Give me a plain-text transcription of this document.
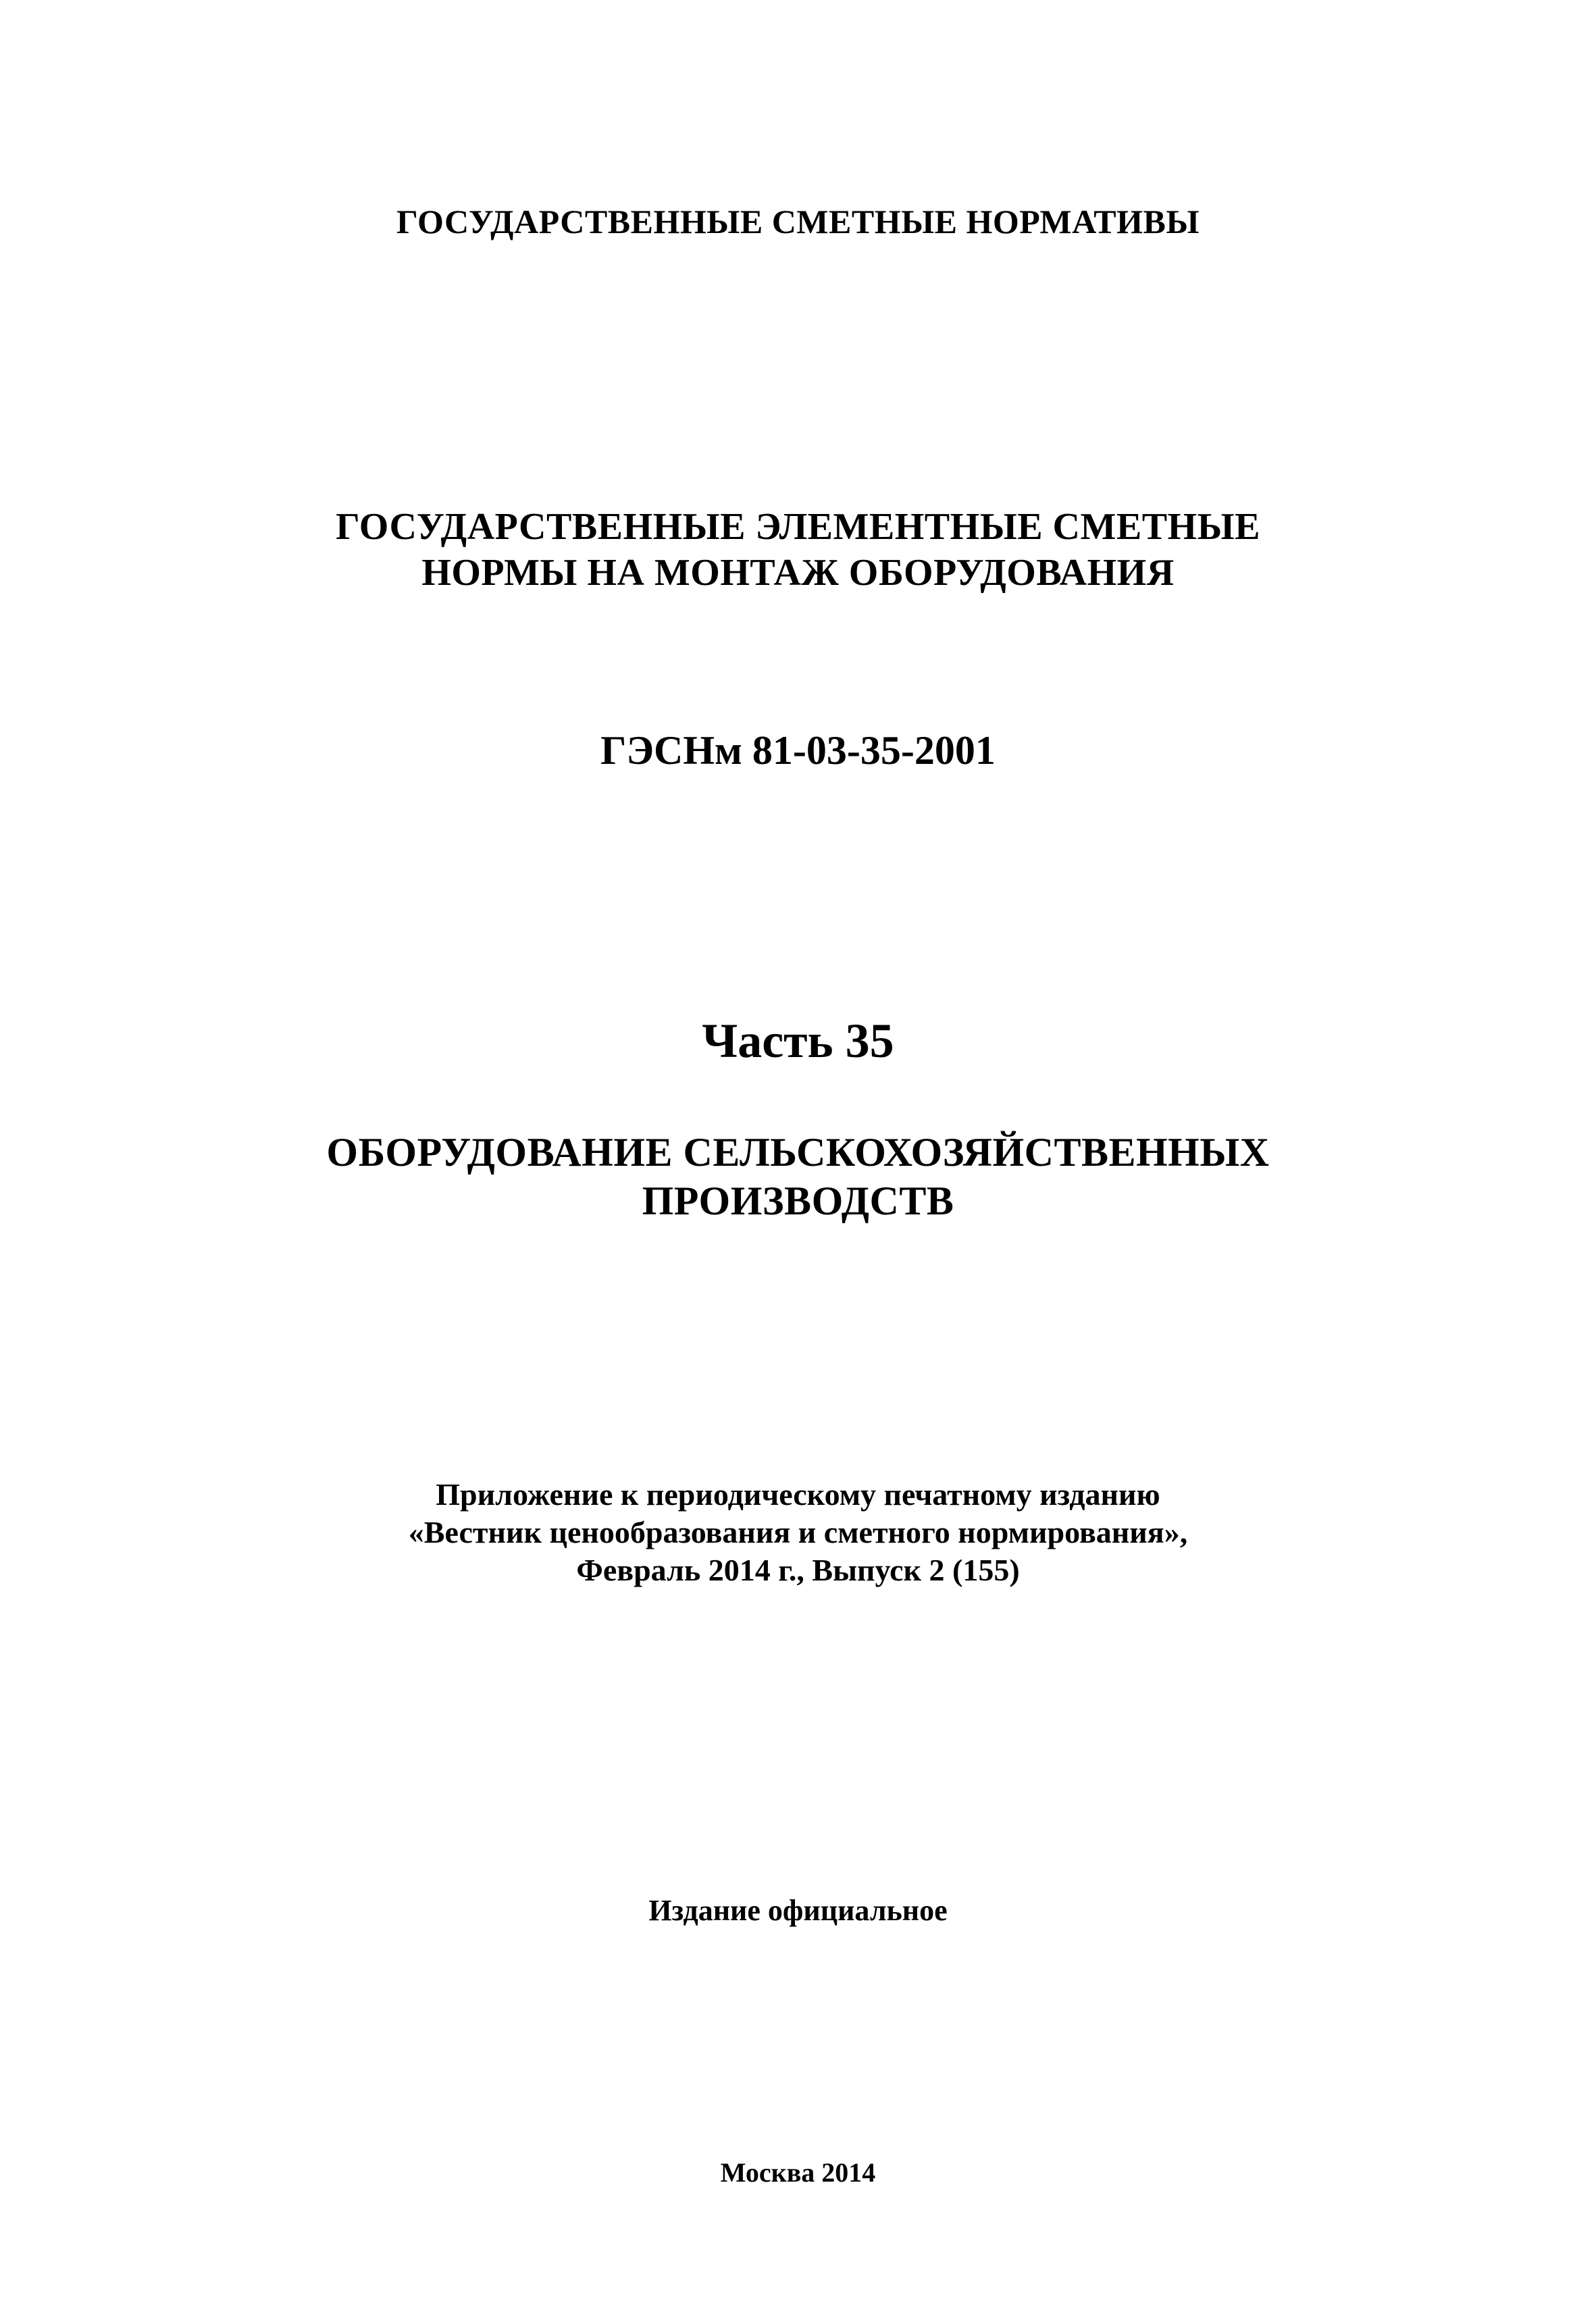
ГОСУДАРСТВЕННЫЕ СМЕТНЫЕ НОРМАТИВЫ
ГОСУДАРСТВЕННЫЕ ЭЛЕМЕНТНЫЕ СМЕТНЫЕ
НОРМЫ НА МОНТАЖ ОБОРУДОВАНИЯ
ГЭСНм 81-03-35-2001
Часть 35
ОБОРУДОВАНИЕ СЕЛЬСКОХОЗЯЙСТВЕННЫХ
ПРОИЗВОДСТВ
Приложение к периодическому печатному изданию
«Вестник ценообразования и сметного нормирования»,
Февраль 2014 г., Выпуск 2 (155)
Издание официальное
Москва 2014
